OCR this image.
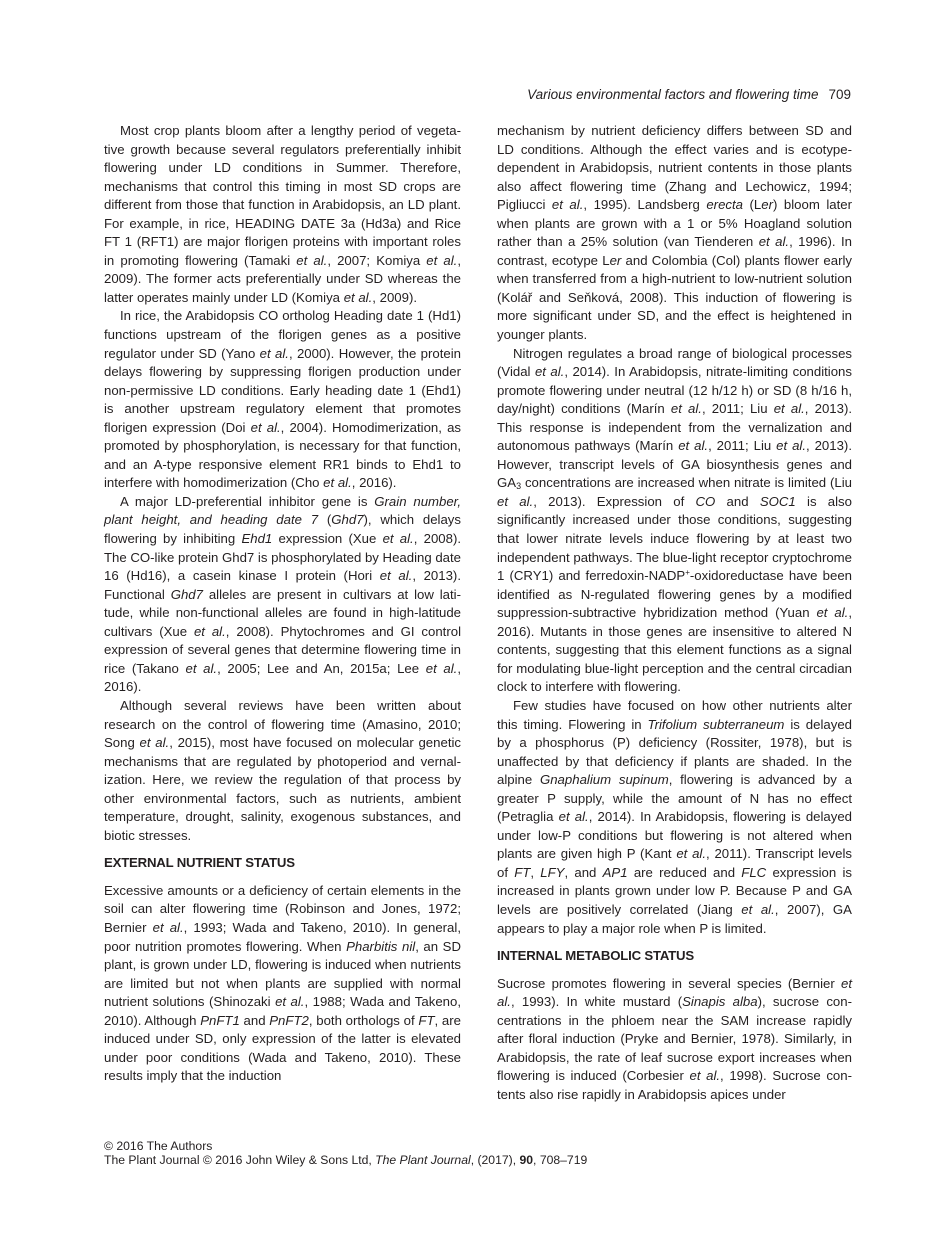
Various environmental factors and flowering time 709

Most crop plants bloom after a lengthy period of vegetative growth because several regulators preferentially inhibit flowering under LD conditions in Summer. Therefore, mechanisms that control this timing in most SD crops are different from those that function in Arabidopsis, an LD plant. For example, in rice, HEADING DATE 3a (Hd3a) and Rice FT 1 (RFT1) are major florigen proteins with important roles in promoting flowering (Tamaki et al., 2007; Komiya et al., 2009). The former acts preferentially under SD whereas the latter operates mainly under LD (Komiya et al., 2009).

In rice, the Arabidopsis CO ortholog Heading date 1 (Hd1) functions upstream of the florigen genes as a positive regulator under SD (Yano et al., 2000). However, the protein delays flowering by suppressing florigen production under non-permissive LD conditions. Early heading date 1 (Ehd1) is another upstream regulatory element that promotes florigen expression (Doi et al., 2004). Homodimerization, as promoted by phosphorylation, is necessary for that function, and an A-type responsive element RR1 binds to Ehd1 to interfere with homodimerization (Cho et al., 2016).

A major LD-preferential inhibitor gene is Grain number, plant height, and heading date 7 (Ghd7), which delays flowering by inhibiting Ehd1 expression (Xue et al., 2008). The CO-like protein Ghd7 is phosphorylated by Heading date 16 (Hd16), a casein kinase I protein (Hori et al., 2013). Functional Ghd7 alleles are present in cultivars at low latitude, while non-functional alleles are found in high-latitude cultivars (Xue et al., 2008). Phytochromes and GI control expression of several genes that determine flowering time in rice (Takano et al., 2005; Lee and An, 2015a; Lee et al., 2016).

Although several reviews have been written about research on the control of flowering time (Amasino, 2010; Song et al., 2015), most have focused on molecular genetic mechanisms that are regulated by photoperiod and vernalization. Here, we review the regulation of that process by other environmental factors, such as nutrients, ambient temperature, drought, salinity, exogenous substances, and biotic stresses.

EXTERNAL NUTRIENT STATUS

Excessive amounts or a deficiency of certain elements in the soil can alter flowering time (Robinson and Jones, 1972; Bernier et al., 1993; Wada and Takeno, 2010). In general, poor nutrition promotes flowering. When Pharbitis nil, an SD plant, is grown under LD, flowering is induced when nutrients are limited but not when plants are supplied with normal nutrient solutions (Shinozaki et al., 1988; Wada and Takeno, 2010). Although PnFT1 and PnFT2, both orthologs of FT, are induced under SD, only expression of the latter is elevated under poor conditions (Wada and Takeno, 2010). These results imply that the induction

mechanism by nutrient deficiency differs between SD and LD conditions. Although the effect varies and is ecotype-dependent in Arabidopsis, nutrient contents in those plants also affect flowering time (Zhang and Lechowicz, 1994; Pigliucci et al., 1995). Landsberg erecta (Ler) bloom later when plants are grown with a 1 or 5% Hoagland solution rather than a 25% solution (van Tienderen et al., 1996). In contrast, ecotype Ler and Colombia (Col) plants flower early when transferred from a high-nutrient to low-nutrient solution (Kolář and Seňková, 2008). This induction of flowering is more significant under SD, and the effect is heightened in younger plants.

Nitrogen regulates a broad range of biological processes (Vidal et al., 2014). In Arabidopsis, nitrate-limiting conditions promote flowering under neutral (12 h/12 h) or SD (8 h/16 h, day/night) conditions (Marín et al., 2011; Liu et al., 2013). This response is independent from the vernalization and autonomous pathways (Marín et al., 2011; Liu et al., 2013). However, transcript levels of GA biosynthesis genes and $GA_3$ concentrations are increased when nitrate is limited (Liu et al., 2013). Expression of CO and SOC1 is also significantly increased under those conditions, suggesting that lower nitrate levels induce flowering by at least two independent pathways. The blue-light receptor cryptochrome 1 (CRY1) and ferredoxin-NADP+-oxidoreductase have been identified as N-regulated flowering genes by a modified suppression-subtractive hybridization method (Yuan et al., 2016). Mutants in those genes are insensitive to altered N contents, suggesting that this element functions as a signal for modulating blue-light perception and the central circadian clock to interfere with flowering.

Few studies have focused on how other nutrients alter this timing. Flowering in Trifolium subterraneum is delayed by a phosphorus (P) deficiency (Rossiter, 1978), but is unaffected by that deficiency if plants are shaded. In the alpine Gnaphalium supinum, flowering is advanced by a greater P supply, while the amount of N has no effect (Petraglia et al., 2014). In Arabidopsis, flowering is delayed under low-P conditions but flowering is not altered when plants are given high P (Kant et al., 2011). Transcript levels of FT, LFY, and AP1 are reduced and FLC expression is increased in plants grown under low P. Because P and GA levels are positively correlated (Jiang et al., 2007), GA appears to play a major role when P is limited.

INTERNAL METABOLIC STATUS

Sucrose promotes flowering in several species (Bernier et al., 1993). In white mustard (Sinapis alba), sucrose concentrations in the phloem near the SAM increase rapidly after floral induction (Pryke and Bernier, 1978). Similarly, in Arabidopsis, the rate of leaf sucrose export increases when flowering is induced (Corbesier et al., 1998). Sucrose contents also rise rapidly in Arabidopsis apices under

© 2016 The Authors
The Plant Journal © 2016 John Wiley & Sons Ltd, The Plant Journal, (2017), 90, 708–719
